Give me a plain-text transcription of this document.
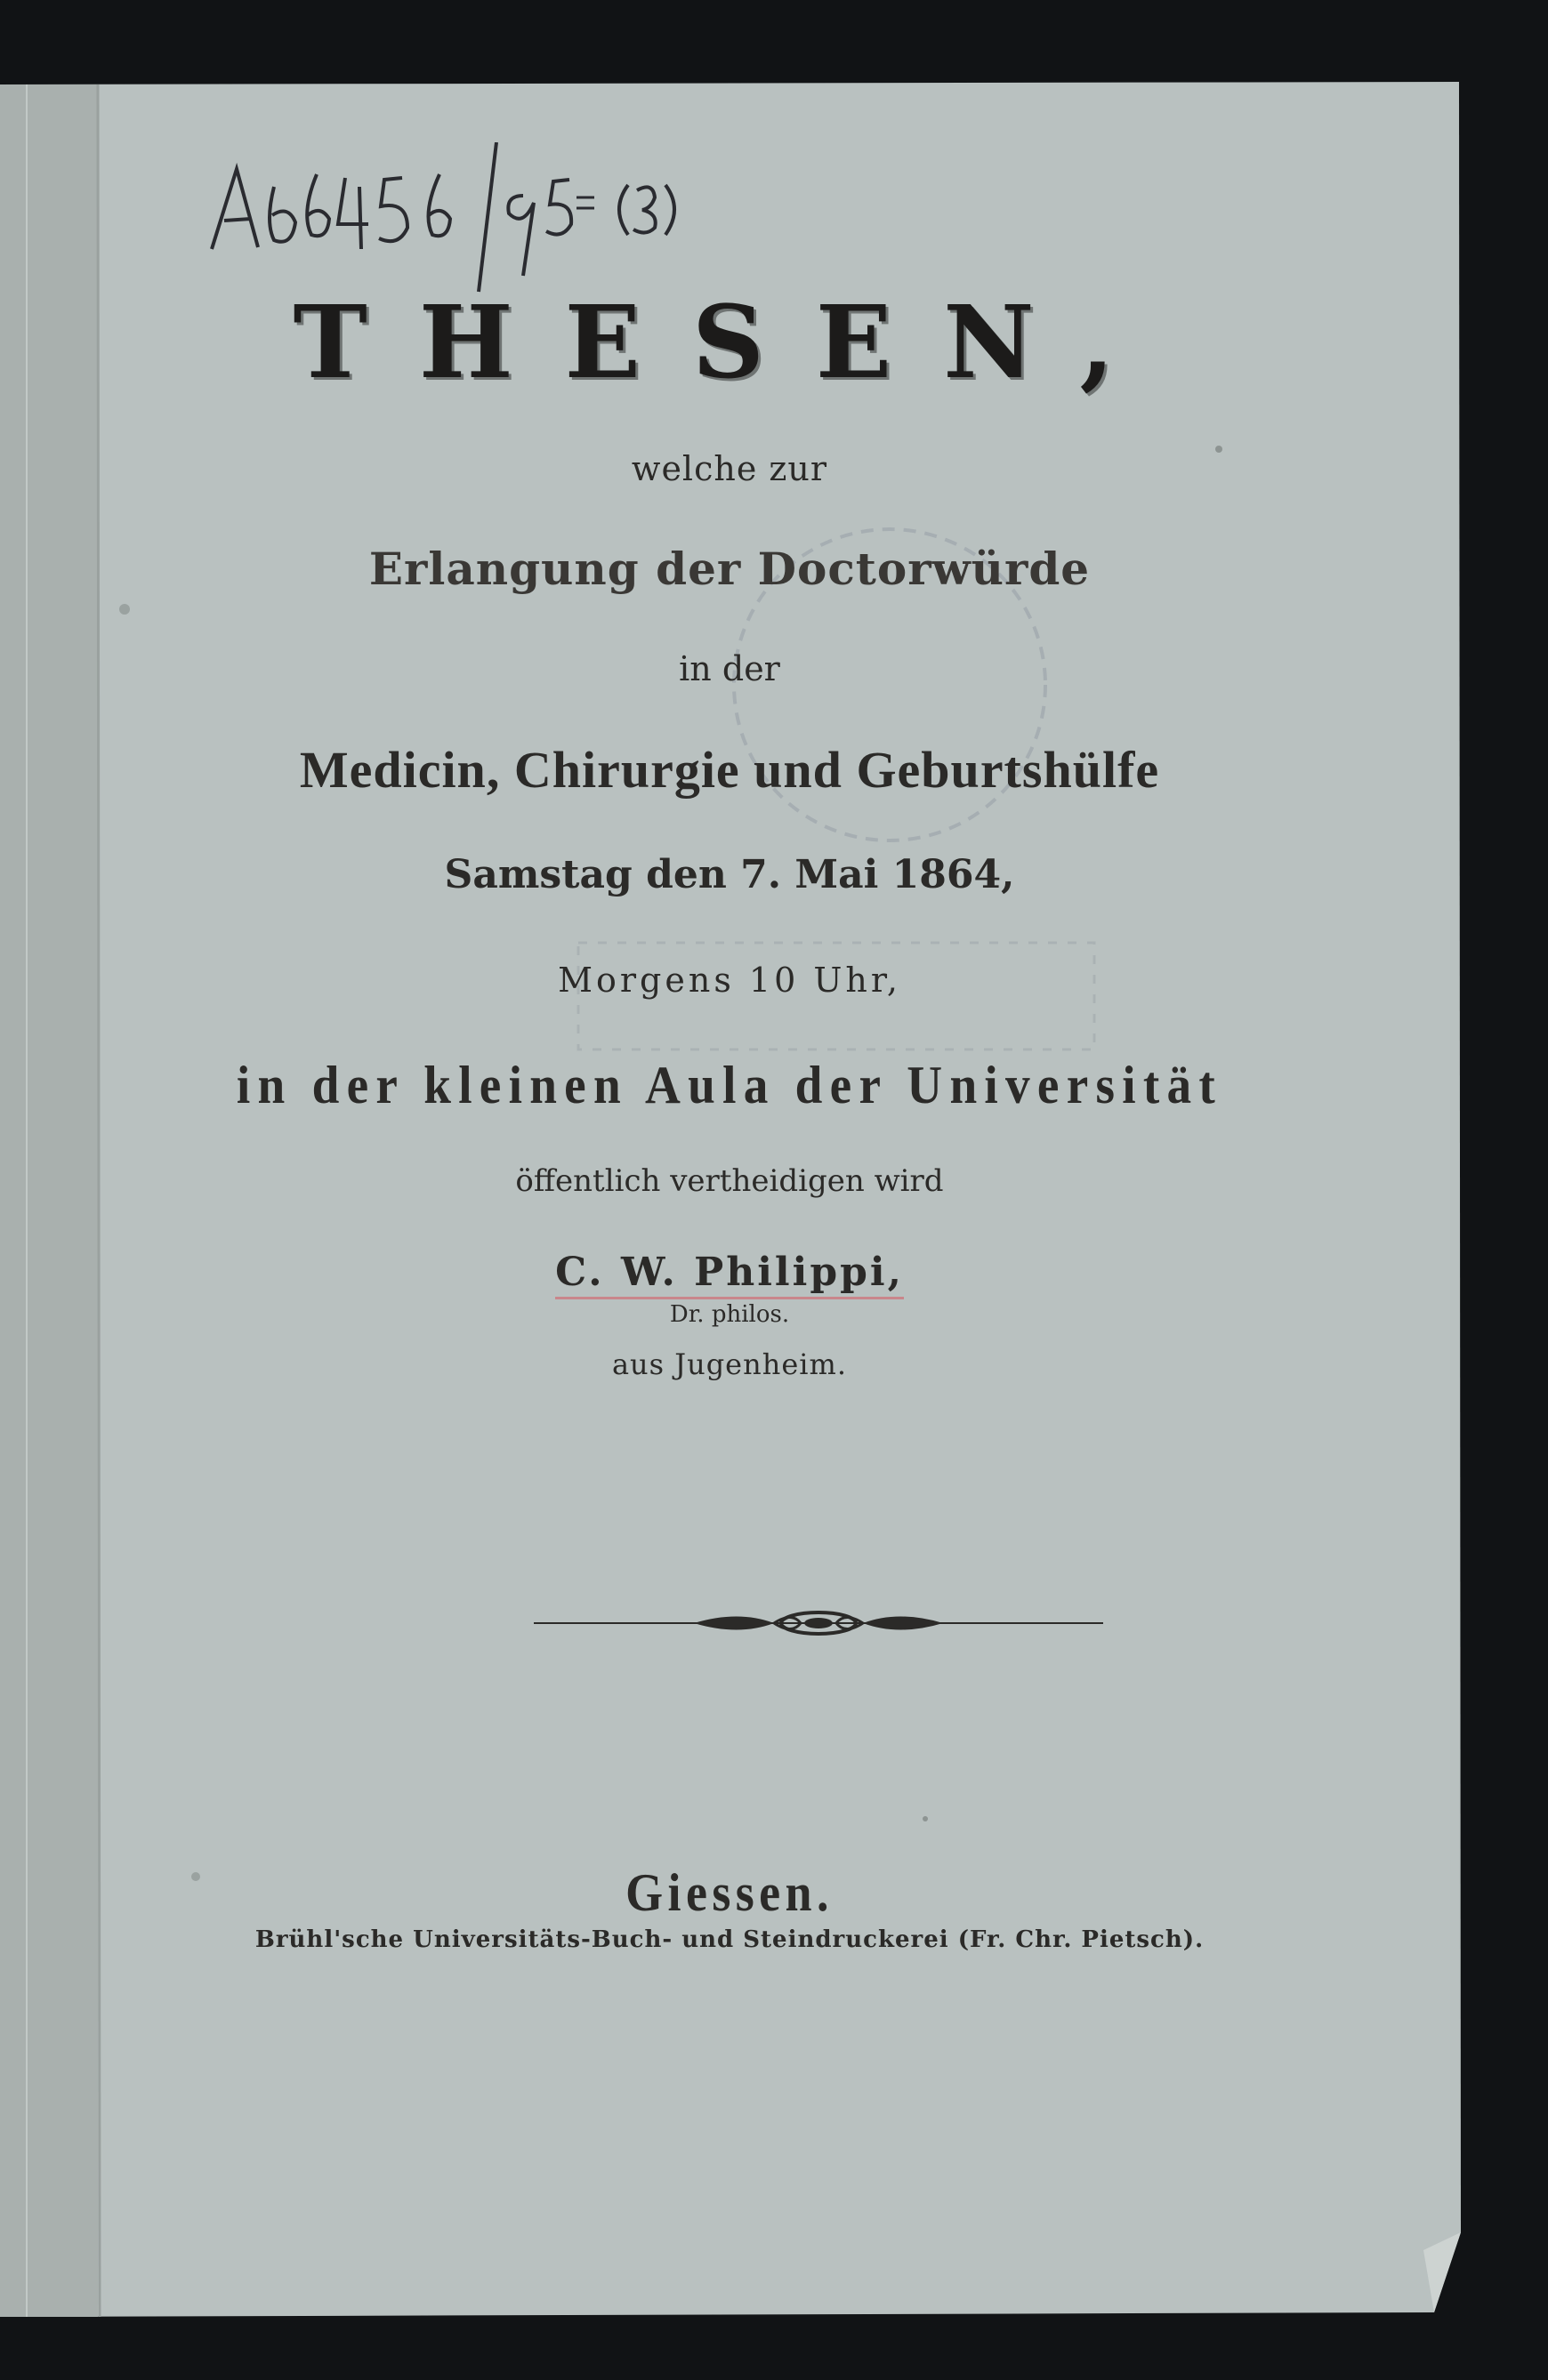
THESEN,
welche zur
Erlangung der Doctorwürde
in der
Medicin, Chirurgie und Geburtshülfe
Samstag den 7. Mai 1864,
Morgens 10 Uhr,
in der kleinen Aula der Universität
öffentlich vertheidigen wird
C. W. Philippi,
Dr. philos.
aus Jugenheim.
Giessen.
Brühl'sche Universitäts-Buch- und Steindruckerei (Fr. Chr. Pietsch).
